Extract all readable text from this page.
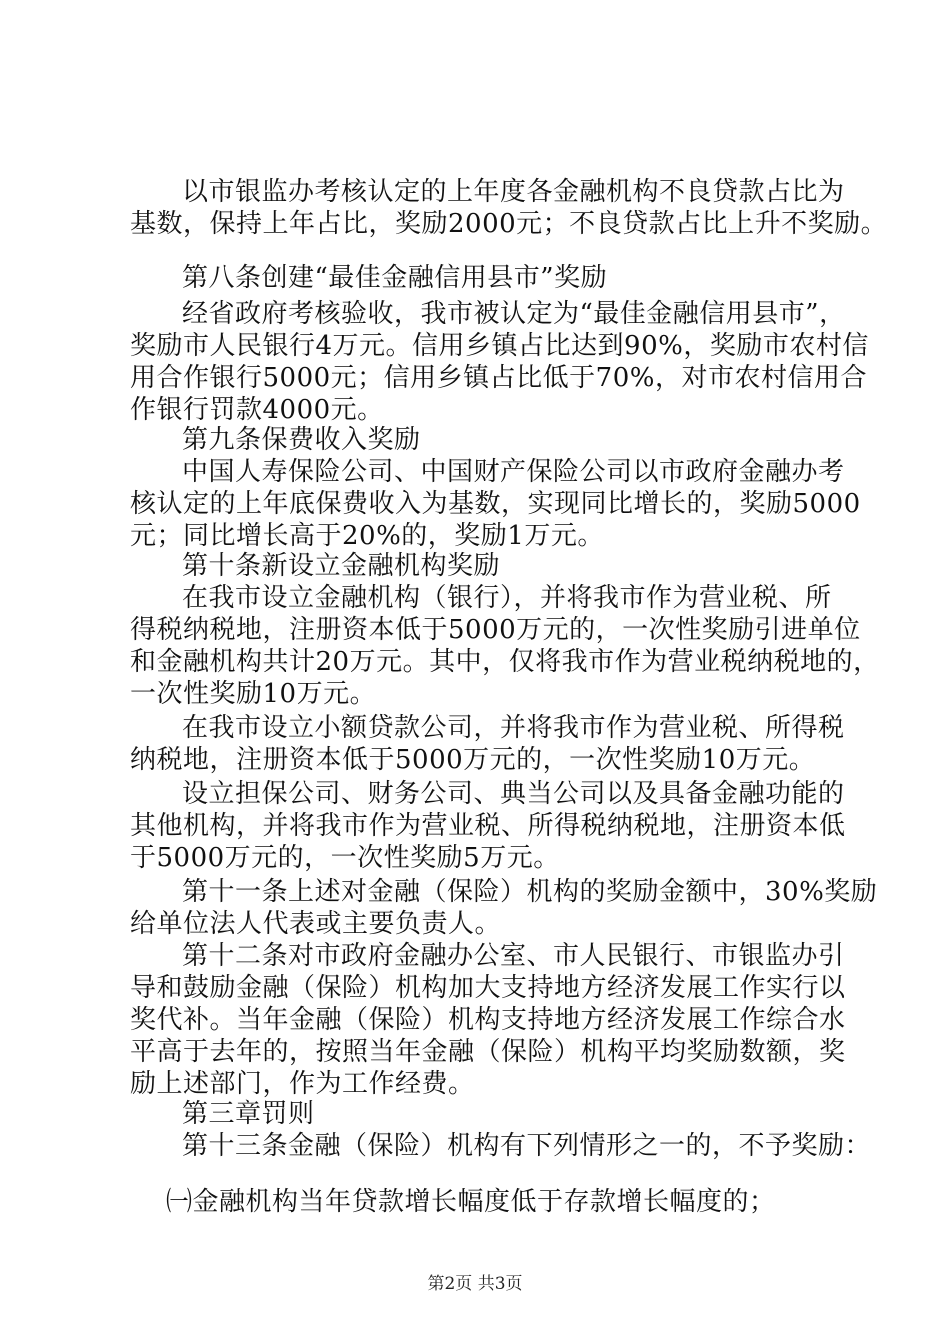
以市银监办考核认定的上年度各金融机构不良贷款占比为
基数，保持上年占比，奖励2000元；不良贷款占比上升不奖励。
第八条创建“最佳金融信用县市”奖励
经省政府考核验收，我市被认定为“最佳金融信用县市”，
奖励市人民银行4万元。信用乡镇占比达到90%，奖励市农村信
用合作银行5000元；信用乡镇占比低于70%，对市农村信用合
作银行罚款4000元。
第九条保费收入奖励
中国人寿保险公司、中国财产保险公司以市政府金融办考
核认定的上年底保费收入为基数，实现同比增长的，奖励5000
元；同比增长高于20%的，奖励1万元。
第十条新设立金融机构奖励
在我市设立金融机构（银行），并将我市作为营业税、所
得税纳税地，注册资本低于5000万元的，一次性奖励引进单位
和金融机构共计20万元。其中，仅将我市作为营业税纳税地的，
一次性奖励10万元。
在我市设立小额贷款公司，并将我市作为营业税、所得税
纳税地，注册资本低于5000万元的，一次性奖励10万元。
设立担保公司、财务公司、典当公司以及具备金融功能的
其他机构，并将我市作为营业税、所得税纳税地，注册资本低
于5000万元的，一次性奖励5万元。
第十一条上述对金融（保险）机构的奖励金额中，30%奖励
给单位法人代表或主要负责人。
第十二条对市政府金融办公室、市人民银行、市银监办引
导和鼓励金融（保险）机构加大支持地方经济发展工作实行以
奖代补。当年金融（保险）机构支持地方经济发展工作综合水
平高于去年的，按照当年金融（保险）机构平均奖励数额，奖
励上述部门，作为工作经费。
第三章罚则
第十三条金融（保险）机构有下列情形之一的，不予奖励：
㈠金融机构当年贷款增长幅度低于存款增长幅度的；
第2页 共3页
